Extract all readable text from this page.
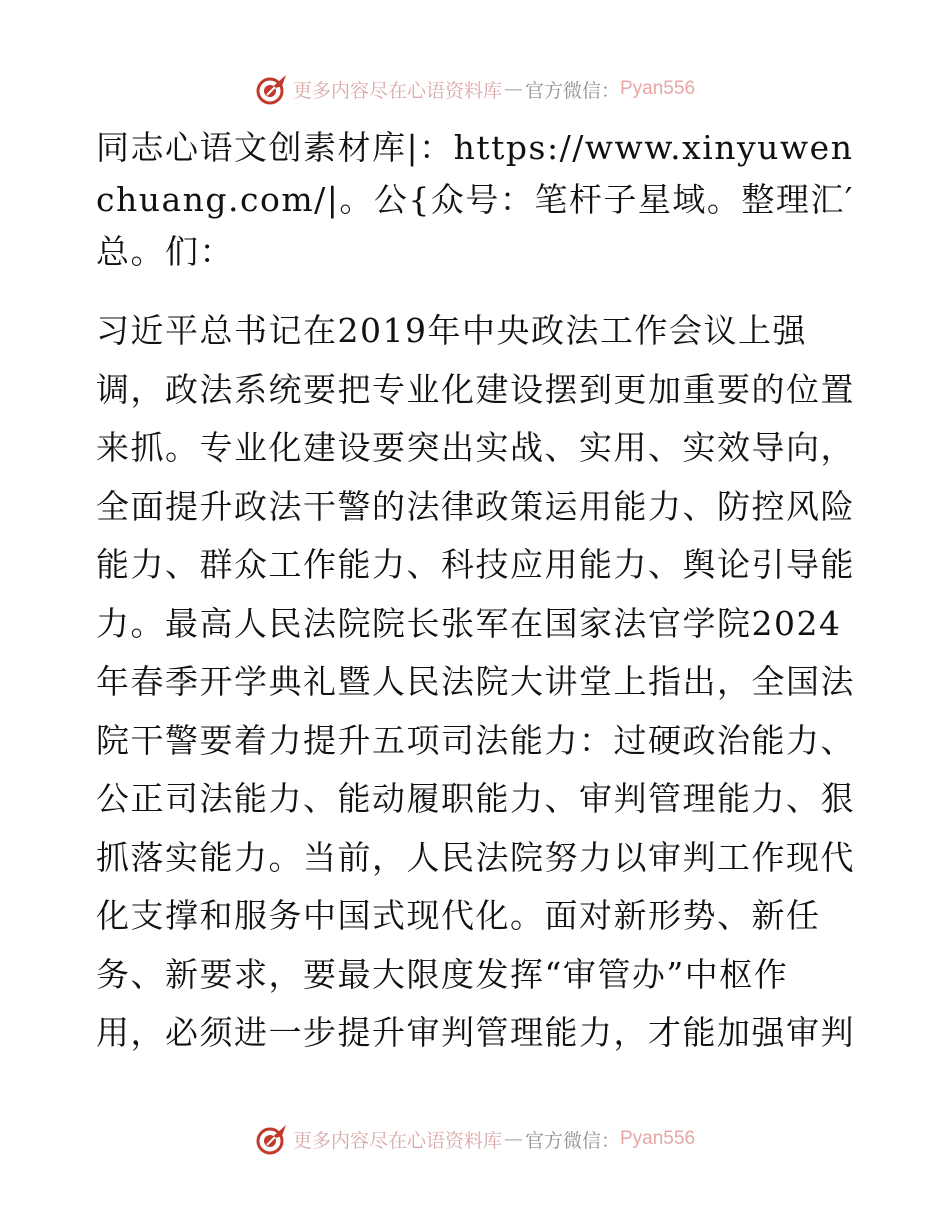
更多内容尽在心语资料库 — 官方微信： Pyan556

同志心语文创素材库|：https://www.xinyuwenchuang.com/|。公{众号：笔杆子星域。整理汇′总。们：

习近平总书记在2019年中央政法工作会议上强调，政法系统要把专业化建设摆到更加重要的位置来抓。专业化建设要突出实战、实用、实效导向，全面提升政法干警的法律政策运用能力、防控风险能力、群众工作能力、科技应用能力、舆论引导能力。最高人民法院院长张军在国家法官学院2024年春季开学典礼暨人民法院大讲堂上指出，全国法院干警要着力提升五项司法能力：过硬政治能力、公正司法能力、能动履职能力、审判管理能力、狠抓落实能力。当前，人民法院努力以审判工作现代化支撑和服务中国式现代化。面对新形势、新任务、新要求，要最大限度发挥“审管办”中枢作用，必须进一步提升审判管理能力，才能加强审判

更多内容尽在心语资料库 — 官方微信： Pyan556
